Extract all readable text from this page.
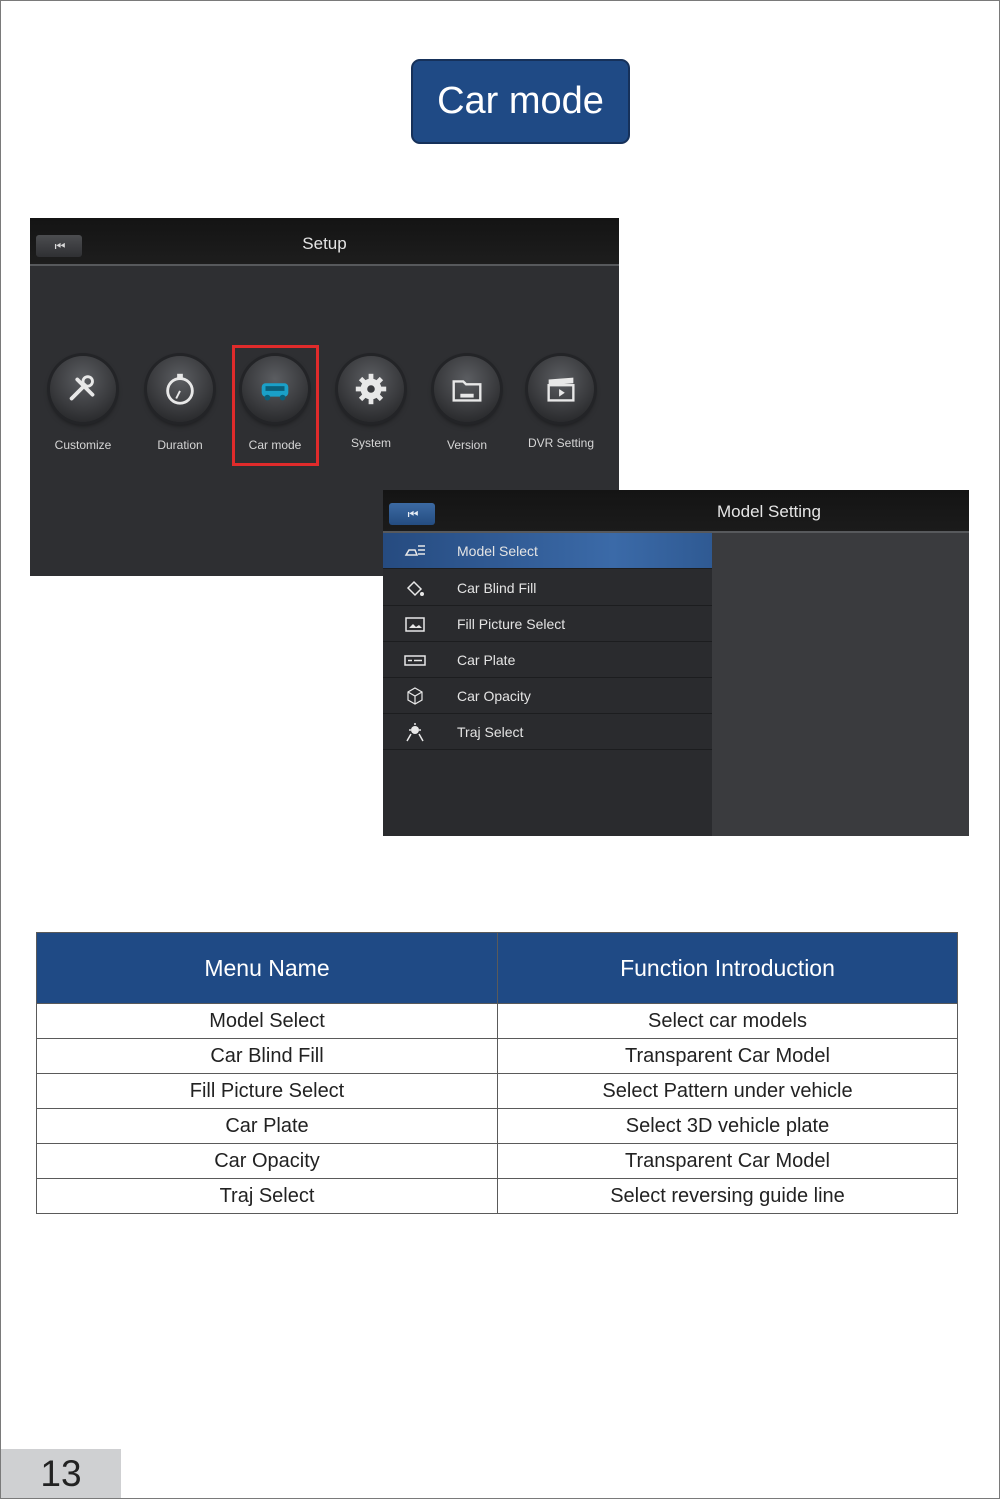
Car mode
⏮	Setup
Customize	Duration	Car mode	System	Version	DVR Setting
⏮	Model Setting
Model Select
Car Blind Fill
Fill Picture Select
Car Plate
Car Opacity
Traj Select
Menu Name	Function Introduction
Model Select	Select car models
Car Blind Fill	Transparent Car Model
Fill Picture Select	Select Pattern under vehicle
Car Plate	Select 3D vehicle plate
Car Opacity	Transparent Car Model
Traj Select	Select reversing guide line
13
